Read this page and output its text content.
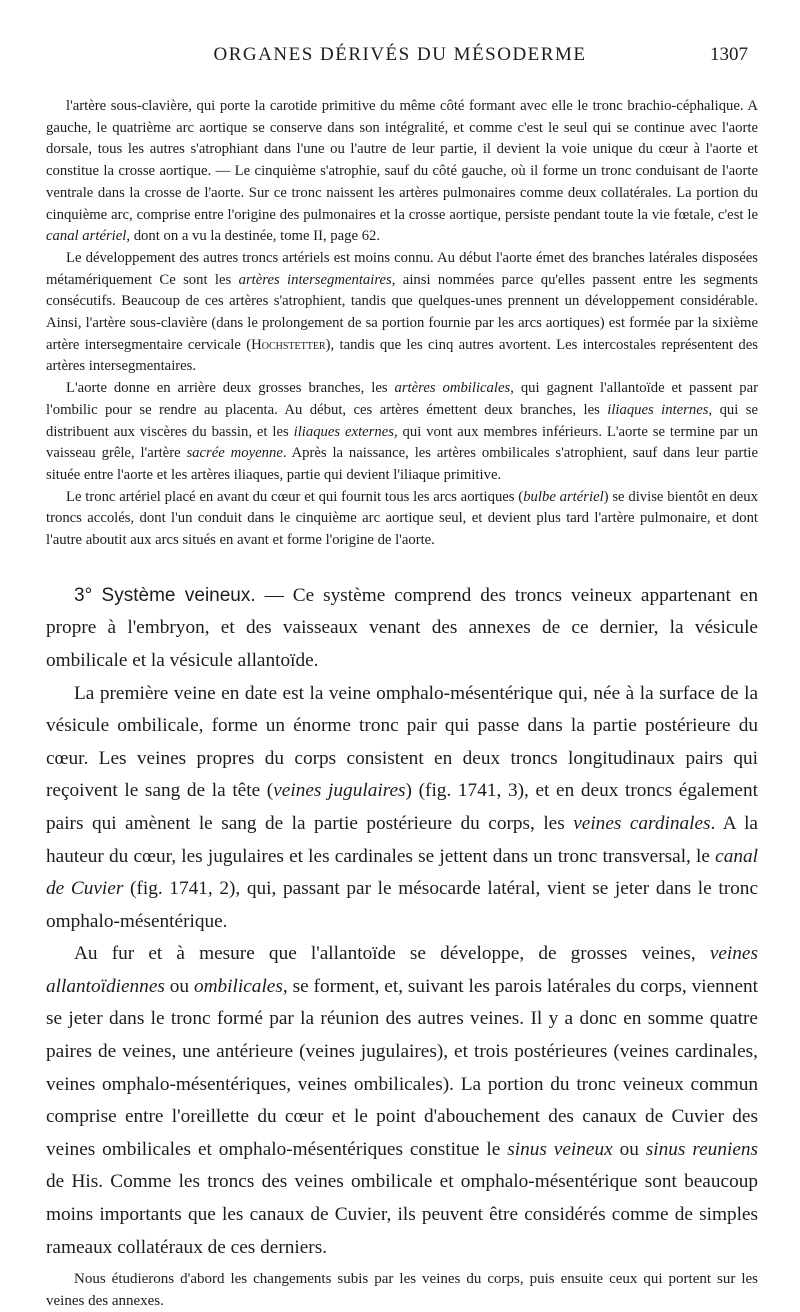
ORGANES DÉRIVÉS DU MÉSODERME	1307

l'artère sous-clavière, qui porte la carotide primitive du même côté formant avec elle le tronc brachio-céphalique. A gauche, le quatrième arc aortique se conserve dans son intégralité, et comme c'est le seul qui se continue avec l'aorte dorsale, tous les autres s'atrophiant dans l'une ou l'autre de leur partie, il devient la voie unique du cœur à l'aorte et constitue la crosse aortique. — Le cinquième s'atrophie, sauf du côté gauche, où il forme un tronc conduisant de l'aorte ventrale dans la crosse de l'aorte. Sur ce tronc naissent les artères pulmonaires comme deux collatérales. La portion du cinquième arc, comprise entre l'origine des pulmonaires et la crosse aortique, persiste pendant toute la vie fœtale, c'est le canal artériel, dont on a vu la destinée, tome II, page 62.

Le développement des autres troncs artériels est moins connu. Au début l'aorte émet des branches latérales disposées métamériquement Ce sont les artères intersegmentaires, ainsi nommées parce qu'elles passent entre les segments consécutifs. Beaucoup de ces artères s'atrophient, tandis que quelques-unes prennent un développement considérable. Ainsi, l'artère sous-clavière (dans le prolongement de sa portion fournie par les arcs aortiques) est formée par la sixième artère intersegmentaire cervicale (Hochstetter), tandis que les cinq autres avortent. Les intercostales représentent des artères intersegmentaires.

L'aorte donne en arrière deux grosses branches, les artères ombilicales, qui gagnent l'allantoïde et passent par l'ombilic pour se rendre au placenta. Au début, ces artères émettent deux branches, les iliaques internes, qui se distribuent aux viscères du bassin, et les iliaques externes, qui vont aux membres inférieurs. L'aorte se termine par un vaisseau grêle, l'artère sacrée moyenne. Après la naissance, les artères ombilicales s'atrophient, sauf dans leur partie située entre l'aorte et les artères iliaques, partie qui devient l'iliaque primitive.

Le tronc artériel placé en avant du cœur et qui fournit tous les arcs aortiques (bulbe artériel) se divise bientôt en deux troncs accolés, dont l'un conduit dans le cinquième arc aortique seul, et devient plus tard l'artère pulmonaire, et dont l'autre aboutit aux arcs situés en avant et forme l'origine de l'aorte.

3° Système veineux. — Ce système comprend des troncs veineux appartenant en propre à l'embryon, et des vaisseaux venant des annexes de ce dernier, la vésicule ombilicale et la vésicule allantoïde.

La première veine en date est la veine omphalo-mésentérique qui, née à la surface de la vésicule ombilicale, forme un énorme tronc pair qui passe dans la partie postérieure du cœur. Les veines propres du corps consistent en deux troncs longitudinaux pairs qui reçoivent le sang de la tête (veines jugulaires) (fig. 1741, 3), et en deux troncs également pairs qui amènent le sang de la partie postérieure du corps, les veines cardinales. A la hauteur du cœur, les jugulaires et les cardinales se jettent dans un tronc transversal, le canal de Cuvier (fig. 1741, 2), qui, passant par le mésocarde latéral, vient se jeter dans le tronc omphalo-mésentérique.

Au fur et à mesure que l'allantoïde se développe, de grosses veines, veines allantoïdiennes ou ombilicales, se forment, et, suivant les parois latérales du corps, viennent se jeter dans le tronc formé par la réunion des autres veines. Il y a donc en somme quatre paires de veines, une antérieure (veines jugulaires), et trois postérieures (veines cardinales, veines omphalo-mésentériques, veines ombilicales). La portion du tronc veineux commun comprise entre l'oreillette du cœur et le point d'abouchement des canaux de Cuvier des veines ombilicales et omphalo-mésentériques constitue le sinus veineux ou sinus reuniens de His. Comme les troncs des veines ombilicale et omphalo-mésentérique sont beaucoup moins importants que les canaux de Cuvier, ils peuvent être considérés comme de simples rameaux collatéraux de ces derniers.

Nous étudierons d'abord les changements subis par les veines du corps, puis ensuite ceux qui portent sur les veines des annexes.
